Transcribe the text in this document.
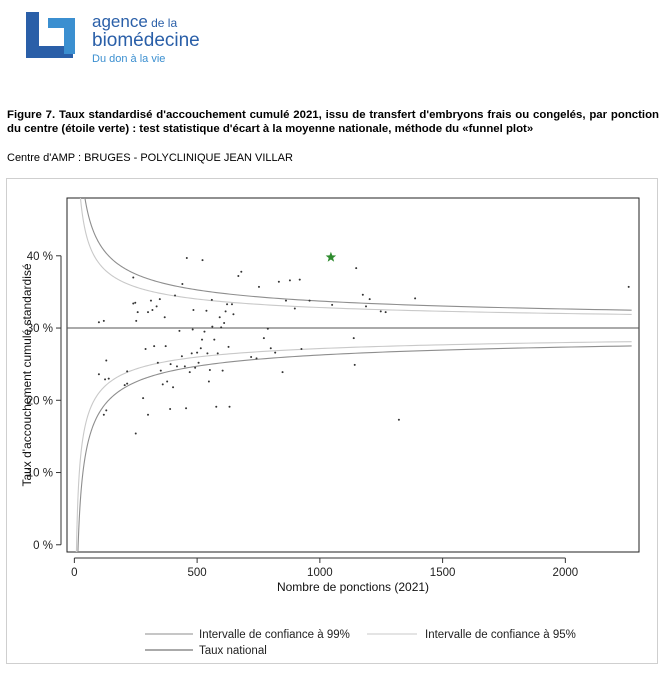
agence de la
biomédecine
Du don à la vie
Figure 7. Taux standardisé d'accouchement cumulé 2021, issu de transfert d'embryons frais ou congelés, par ponction du centre (étoile verte) : test statistique d'écart à la moyenne nationale, méthode du «funnel plot»
Centre d'AMP : BRUGES - POLYCLINIQUE JEAN VILLAR
0	500	1000	1500	2000
0 %
10 %
20 %
30 %
40 %
Nombre de ponctions (2021)
Taux d'accouchement cumulé standardisé
Intervalle de confiance à 99%	Intervalle de confiance à 95%
Taux national
